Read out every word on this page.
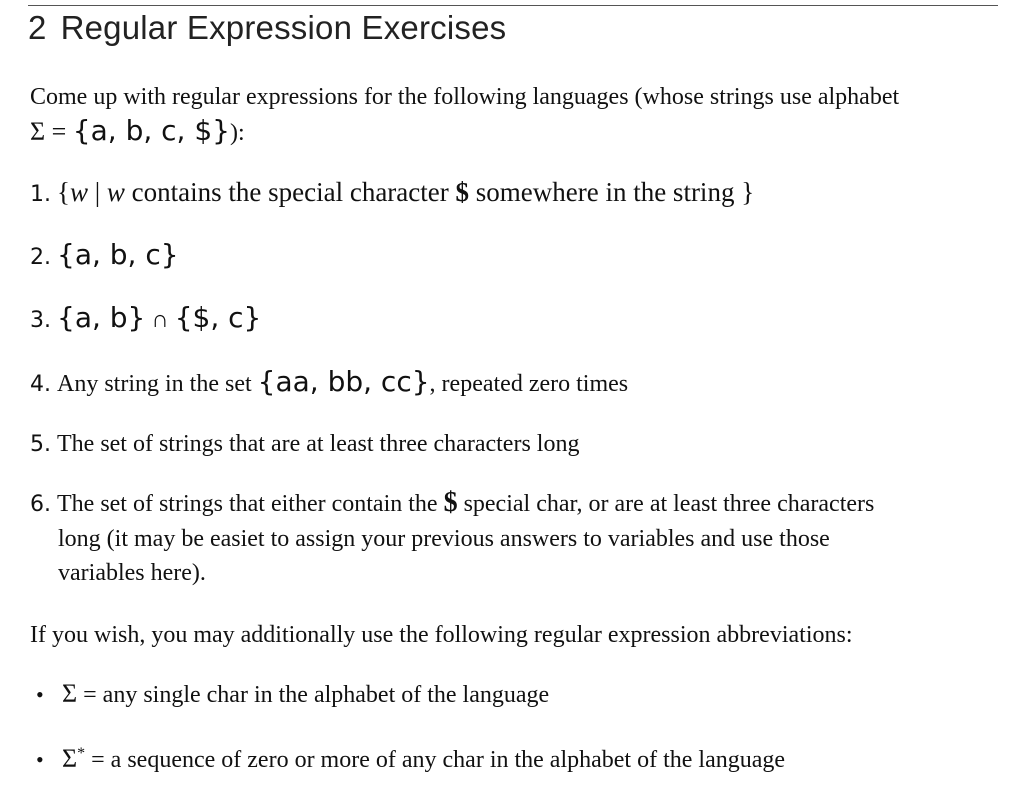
2 Regular Expression Exercises

Come up with regular expressions for the following languages (whose strings use alphabet
Σ = {a, b, c, $}):

1. {w | w contains the special character $ somewhere in the string }

2. {a, b, c}

3. {a, b} ∩ {$, c}

4. Any string in the set {aa, bb, cc}, repeated zero times

5. The set of strings that are at least three characters long

6. The set of strings that either contain the $ special char, or are at least three characters
long (it may be easiet to assign your previous answers to variables and use those
variables here).

If you wish, you may additionally use the following regular expression abbreviations:

• Σ = any single char in the alphabet of the language

• Σ* = a sequence of zero or more of any char in the alphabet of the language
